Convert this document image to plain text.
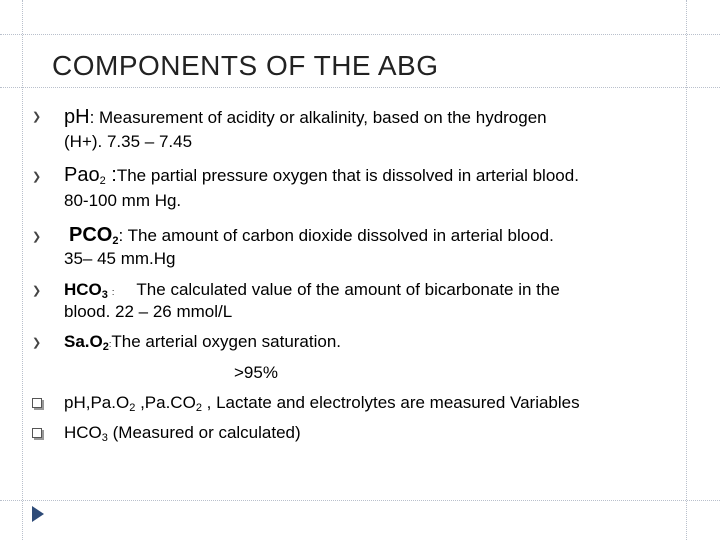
COMPONENTS OF THE ABG
❯
pH: Measurement of acidity or alkalinity, based on the hydrogen
(H+). 7.35 – 7.45
❯
Pao$_2$ :The partial pressure oxygen that is dissolved in arterial blood.
80-100 mm Hg.
❯
$PCO_2$: The amount of carbon dioxide dissolved in arterial blood.
35– 45 mm.Hg
❯
$HCO_3$ : The calculated value of the amount of bicarbonate in the
blood. 22 – 26 mmol/L
❯
$Sa.O_2:The$ arterial oxygen saturation.
>95%
$pH,Pa.O_2$ $,Pa.CO_2$ , Lactate and electrolytes are measured Variables
$HCO_3$ (Measured or calculated)
